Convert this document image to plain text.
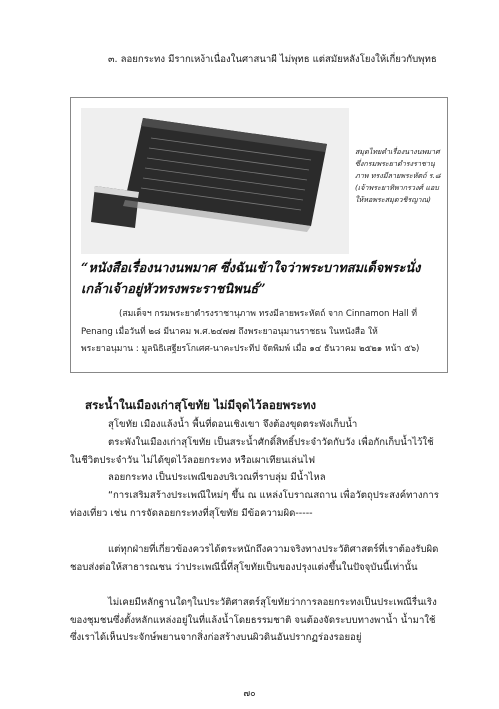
๓. ลอยกระทง มีรากเหง้าเนื่องในศาสนาผี ไม่พุทธ แต่สมัยหลังโยงให้เกี่ยวกับพุทธ

สมุดไทยดำเรื่องนางนพมาศ ซึ่งกรมพระยาดำรงราชานุภาพ ทรงมีลายพระหัตถ์ ร.๘ (เจ้าพระยาทิพากรวงศ์ แอบให้หอพระสมุดวชิรญาณ)
“หนังสือเรื่องนางนพมาศ ซึ่งฉันเข้าใจว่าพระบาทสมเด็จพระนั่งเกล้าเจ้าอยู่หัวทรงพระราชนิพนธ์”
(สมเด็จฯ กรมพระยาดำรงราชานุภาพ ทรงมีลายพระหัตถ์ จาก Cinnamon Hall ที่ Penang เมื่อวันที่ ๒๘ มีนาคม พ.ศ.๒๔๗๗ ถึงพระยาอนุมานราชธน ในหนังสือ ให้
พระยาอนุมาน : มูลนิธิเสฐียรโกเศศ-นาคะประทีป จัดพิมพ์ เมื่อ ๑๔ ธันวาคม ๒๕๒๑ หน้า ๕๖)
สระน้ำในเมืองเก่าสุโขทัย ไม่มีจุดไว้ลอยพระทง

สุโขทัย เมืองแล้งน้ำ พื้นที่ดอนเชิงเขา จึงต้องขุดตระพังเก็บน้ำ

ตระพังในเมืองเก่าสุโขทัย เป็นสระน้ำศักดิ์สิทธิ์ประจำวัดกับวัง เพื่อกักเก็บน้ำไว้ใช้ในชีวิตประจำวัน ไม่ได้ขุดไว้ลอยกระทง หรือเผาเทียนเล่นไฟ

ลอยกระทง เป็นประเพณีของบริเวณที่ราบลุ่ม มีน้ำไหล

“การเสริมสร้างประเพณีใหม่ๆ ขึ้น ณ แหล่งโบราณสถาน เพื่อวัตถุประสงค์ทางการท่องเที่ยว เช่น การจัดลอยกระทงที่สุโขทัย มีข้อความผิด-----

แต่ทุกฝ่ายที่เกี่ยวข้องควรได้ตระหนักถึงความจริงทางประวัติศาสตร์ที่เราต้องรับผิดชอบส่งต่อให้สาธารณชน ว่าประเพณีนี้ที่สุโขทัยเป็นของปรุงแต่งขึ้นในปัจจุบันนี้เท่านั้น

ไม่เคยมีหลักฐานใดๆในประวัติศาสตร์สุโขทัยว่าการลอยกระทงเป็นประเพณีรื่นเริงของชุมชนซึ่งตั้งหลักแหล่งอยู่ในที่แล้งน้ำโดยธรรมชาติ จนต้องจัดระบบทางพาน้ำ น้ำมาใช้ ซึ่งเราได้เห็นประจักษ์พยานจากสิ่งก่อสร้างบนผิวดินอันปรากฏร่องรอยอยู่

๗๐
